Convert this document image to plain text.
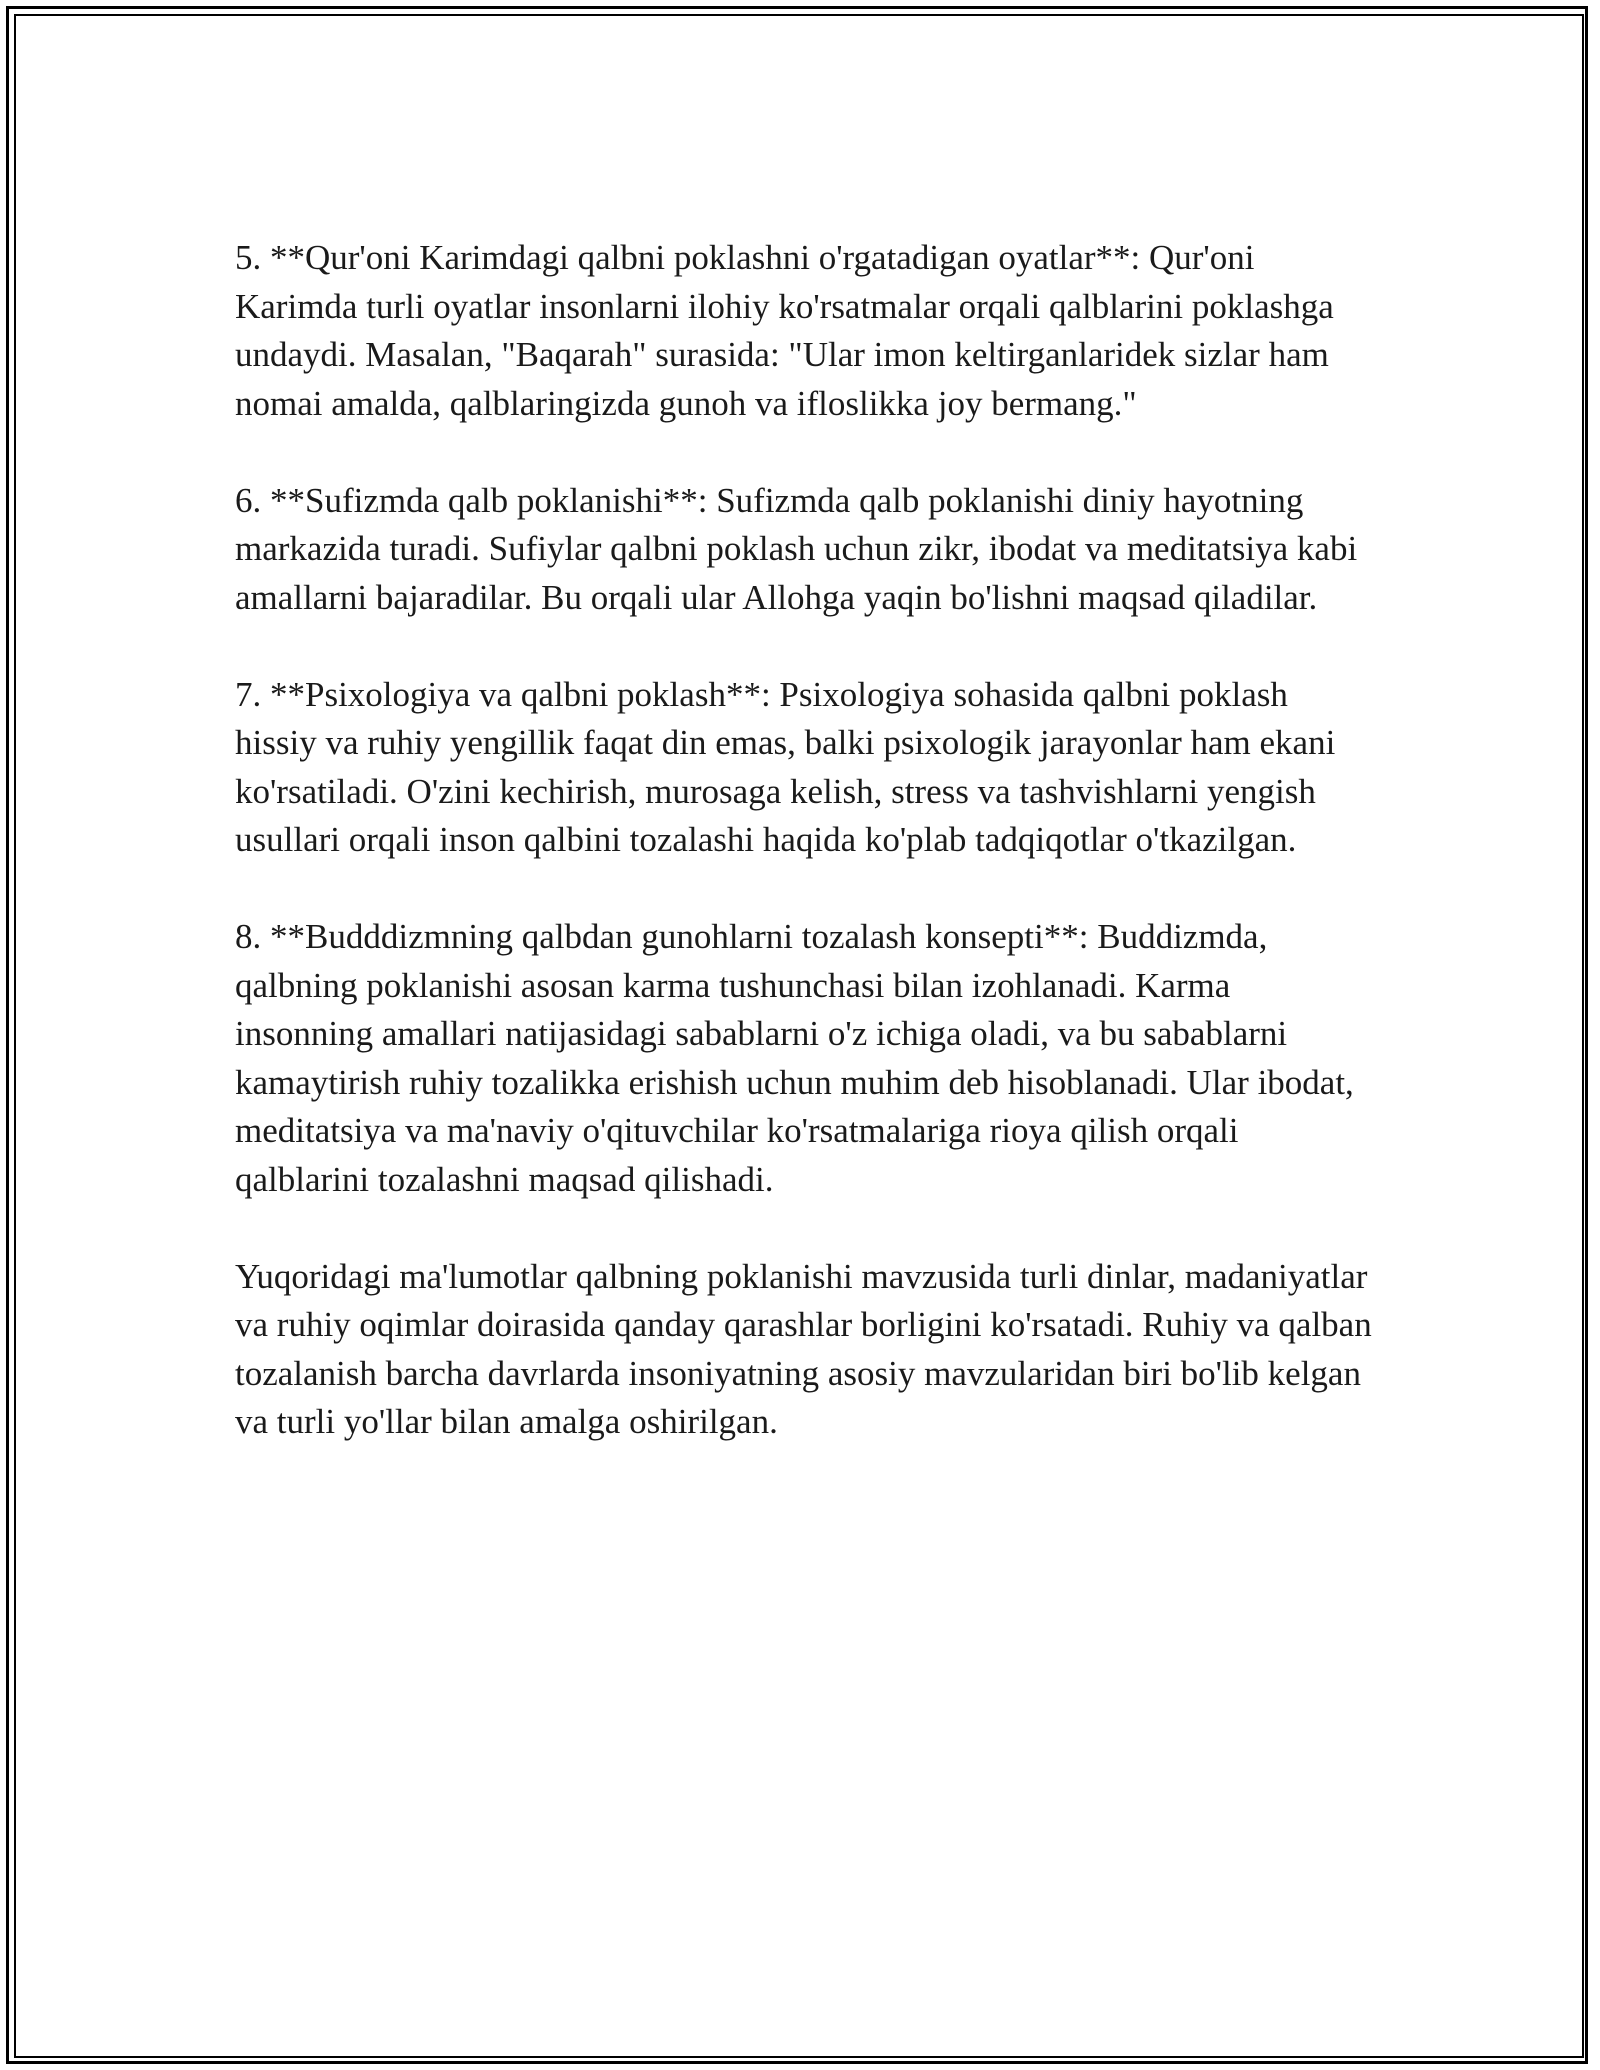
5. **Qur'oni Karimdagi qalbni poklashni o'rgatadigan oyatlar**: Qur'oni Karimda turli oyatlar insonlarni ilohiy ko'rsatmalar orqali qalblarini poklashga undaydi. Masalan, "Baqarah" surasida: "Ular imon keltirganlaridek sizlar ham nomai amalda, qalblaringizda gunoh va ifloslikka joy bermang."

6. **Sufizmda qalb poklanishi**: Sufizmda qalb poklanishi diniy hayotning markazida turadi. Sufiylar qalbni poklash uchun zikr, ibodat va meditatsiya kabi amallarni bajaradilar. Bu orqali ular Allohga yaqin bo'lishni maqsad qiladilar.

7. **Psixologiya va qalbni poklash**: Psixologiya sohasida qalbni poklash hissiy va ruhiy yengillik faqat din emas, balki psixologik jarayonlar ham ekani ko'rsatiladi. O'zini kechirish, murosaga kelish, stress va tashvishlarni yengish usullari orqali inson qalbini tozalashi haqida ko'plab tadqiqotlar o'tkazilgan.

8. **Budddizmning qalbdan gunohlarni tozalash konsepti**: Buddizmda, qalbning poklanishi asosan karma tushunchasi bilan izohlanadi. Karma insonning amallari natijasidagi sabablarni o'z ichiga oladi, va bu sabablarni kamaytirish ruhiy tozalikka erishish uchun muhim deb hisoblanadi. Ular ibodat, meditatsiya va ma'naviy o'qituvchilar ko'rsatmalariga rioya qilish orqali qalblarini tozalashni maqsad qilishadi.

Yuqoridagi ma'lumotlar qalbning poklanishi mavzusida turli dinlar, madaniyatlar va ruhiy oqimlar doirasida qanday qarashlar borligini ko'rsatadi. Ruhiy va qalban tozalanish barcha davrlarda insoniyatning asosiy mavzularidan biri bo'lib kelgan va turli yo'llar bilan amalga oshirilgan.
